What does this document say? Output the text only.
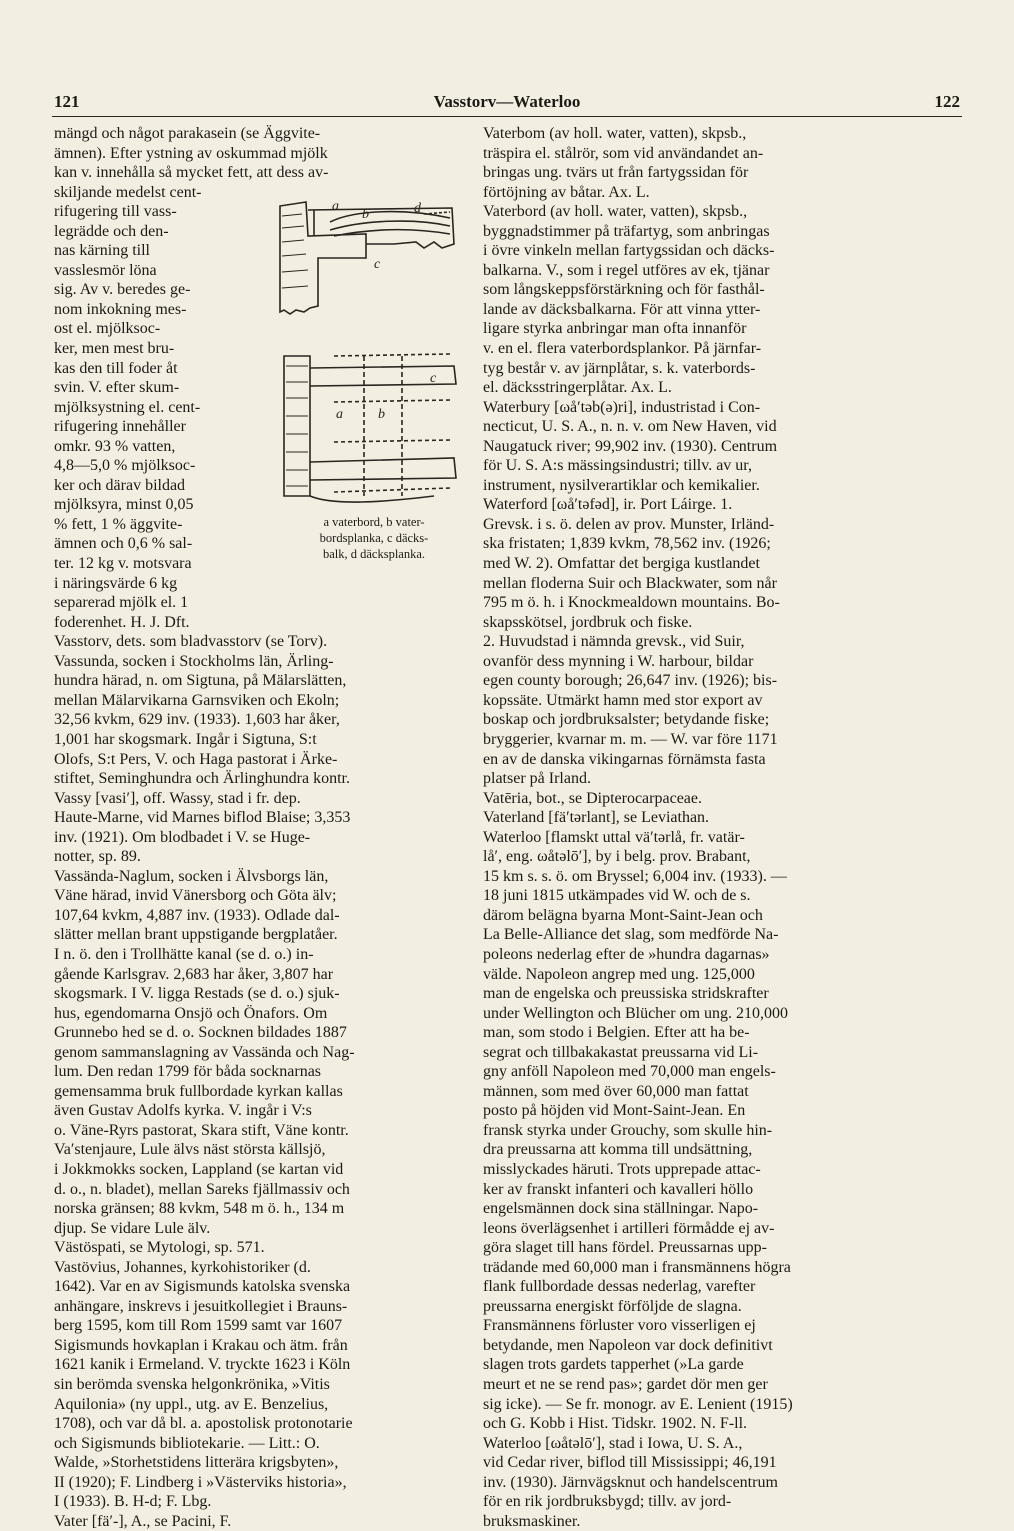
121	Vasstorv—Waterloo	122
mängd och något parakasein (se Äggvite-
ämnen). Efter ystning av oskummad mjölk
kan v. innehålla så mycket fett, att dess av-
skiljande medelst cent-
rifugering till vass-
legrädde och den-
nas kärning till
vasslesmör löna
sig. Av v. beredes ge-
nom inkokning mes-
ost el. mjölksoc-
ker, men mest bru-
kas den till foder åt
svin. V. efter skum-
mjölksystning el. cent-
rifugering innehåller
omkr. 93 % vatten,
4,8—5,0 % mjölksoc-
ker och därav bildad
mjölksyra, minst 0,05
% fett, 1 % äggvite-
ämnen och 0,6 % sal-
ter. 12 kg v. motsvara
i näringsvärde 6 kg
separerad mjölk el. 1
foderenhet. H. J. Dft.
Vasstorv, dets. som bladvasstorv (se Torv).
Vassunda, socken i Stockholms län, Ärling-
hundra härad, n. om Sigtuna, på Mälarslätten,
mellan Mälarvikarna Garnsviken och Ekoln;
32,56 kvkm, 629 inv. (1933). 1,603 har åker,
1,001 har skogsmark. Ingår i Sigtuna, S:t
Olofs, S:t Pers, V. och Haga pastorat i Ärke-
stiftet, Seminghundra och Ärlinghundra kontr.
Vassy [vasi′], off. Wassy, stad i fr. dep.
Haute-Marne, vid Marnes biflod Blaise; 3,353
inv. (1921). Om blodbadet i V. se Huge-
notter, sp. 89.
Vassända-Naglum, socken i Älvsborgs län,
Väne härad, invid Vänersborg och Göta älv;
107,64 kvkm, 4,887 inv. (1933). Odlade dal-
slätter mellan brant uppstigande bergplatåer.
I n. ö. den i Trollhätte kanal (se d. o.) in-
gående Karlsgrav. 2,683 har åker, 3,807 har
skogsmark. I V. ligga Restads (se d. o.) sjuk-
hus, egendomarna Onsjö och Önafors. Om
Grunnebo hed se d. o. Socknen bildades 1887
genom sammanslagning av Vassända och Nag-
lum. Den redan 1799 för båda socknarnas
gemensamma bruk fullbordade kyrkan kallas
även Gustav Adolfs kyrka. V. ingår i V:s
o. Väne-Ryrs pastorat, Skara stift, Väne kontr.
Va′stenjaure, Lule älvs näst största källsjö,
i Jokkmokks socken, Lappland (se kartan vid
d. o., n. bladet), mellan Sareks fjällmassiv och
norska gränsen; 88 kvkm, 548 m ö. h., 134 m
djup. Se vidare Lule älv.
Västöspati, se Mytologi, sp. 571.
Vastövius, Johannes, kyrkohistoriker (d.
1642). Var en av Sigismunds katolska svenska
anhängare, inskrevs i jesuitkollegiet i Brauns-
berg 1595, kom till Rom 1599 samt var 1607
Sigismunds hovkaplan i Krakau och ätm. från
1621 kanik i Ermeland. V. tryckte 1623 i Köln
sin berömda svenska helgonkrönika, »Vitis
Aquilonia» (ny uppl., utg. av E. Benzelius,
1708), och var då bl. a. apostolisk protonotarie
och Sigismunds bibliotekarie. — Litt.: O.
Walde, »Storhetstidens litterära krigsbyten»,
II (1920); F. Lindberg i »Västerviks historia»,
I (1933). B. H-d; F. Lbg.
Vater [fä′-], A., se Pacini, F.
Vaterbom (av holl. water, vatten), skpsb.,
träspira el. stålrör, som vid användandet an-
bringas ung. tvärs ut från fartygssidan för
förtöjning av båtar. Ax. L.
Vaterbord (av holl. water, vatten), skpsb.,
byggnadstimmer på träfartyg, som anbringas
i övre vinkeln mellan fartygssidan och däcks-
balkarna. V., som i regel utföres av ek, tjänar
som långskeppsförstärkning och för fasthål-
lande av däcksbalkarna. För att vinna ytter-
ligare styrka anbringar man ofta innanför
v. en el. flera vaterbordsplankor. På järnfar-
tyg består v. av järnplåtar, s. k. vaterbords-
el. däcksstringerplåtar. Ax. L.
Waterbury [ωå′təb(ə)ri], industristad i Con-
necticut, U. S. A., n. n. v. om New Haven, vid
Naugatuck river; 99,902 inv. (1930). Centrum
för U. S. A:s mässingsindustri; tillv. av ur,
instrument, nysilverartiklar och kemikalier.
Waterford [ωå′təfəd], ir. Port Láirge. 1.
Grevsk. i s. ö. delen av prov. Munster, Irländ-
ska fristaten; 1,839 kvkm, 78,562 inv. (1926;
med W. 2). Omfattar det bergiga kustlandet
mellan floderna Suir och Blackwater, som når
795 m ö. h. i Knockmealdown mountains. Bo-
skapsskötsel, jordbruk och fiske.
2. Huvudstad i nämnda grevsk., vid Suir,
ovanför dess mynning i W. harbour, bildar
egen county borough; 26,647 inv. (1926); bis-
kopssäte. Utmärkt hamn med stor export av
boskap och jordbruksalster; betydande fiske;
bryggerier, kvarnar m. m. — W. var före 1171
en av de danska vikingarnas förnämsta fasta
platser på Irland.
Vatēria, bot., se Dipterocarpaceae.
Vaterland [fä′tərlant], se Leviathan.
Waterloo [flamskt uttal vä′tərlå, fr. vatär-
lå′, eng. ωåtəlō′], by i belg. prov. Brabant,
15 km s. s. ö. om Bryssel; 6,004 inv. (1933). —
18 juni 1815 utkämpades vid W. och de s.
därom belägna byarna Mont-Saint-Jean och
La Belle-Alliance det slag, som medförde Na-
poleons nederlag efter de »hundra dagarnas»
välde. Napoleon angrep med ung. 125,000
man de engelska och preussiska stridskrafter
under Wellington och Blücher om ung. 210,000
man, som stodo i Belgien. Efter att ha be-
segrat och tillbakakastat preussarna vid Li-
gny anföll Napoleon med 70,000 man engels-
männen, som med över 60,000 man fattat
posto på höjden vid Mont-Saint-Jean. En
fransk styrka under Grouchy, som skulle hin-
dra preussarna att komma till undsättning,
misslyckades häruti. Trots upprepade attac-
ker av franskt infanteri och kavalleri höllo
engelsmännen dock sina ställningar. Napo-
leons överlägsenhet i artilleri förmådde ej av-
göra slaget till hans fördel. Preussarnas upp-
trädande med 60,000 man i fransmännens högra
flank fullbordade dessas nederlag, varefter
preussarna energiskt förföljde de slagna.
Fransmännens förluster voro visserligen ej
betydande, men Napoleon var dock definitivt
slagen trots gardets tapperhet (»La garde
meurt et ne se rend pas»; gardet dör men ger
sig icke). — Se fr. monogr. av E. Lenient (1915)
och G. Kobb i Hist. Tidskr. 1902. N. F-ll.
Waterloo [ωåtəlō′], stad i Iowa, U. S. A.,
vid Cedar river, biflod till Mississippi; 46,191
inv. (1930). Järnvägsknut och handelscentrum
för en rik jordbruksbygd; tillv. av jord-
bruksmaskiner.
a
b	d
c
a	b
c
a vaterbord, b vater-
bordsplanka, c däcks-
balk, d däcksplanka.
